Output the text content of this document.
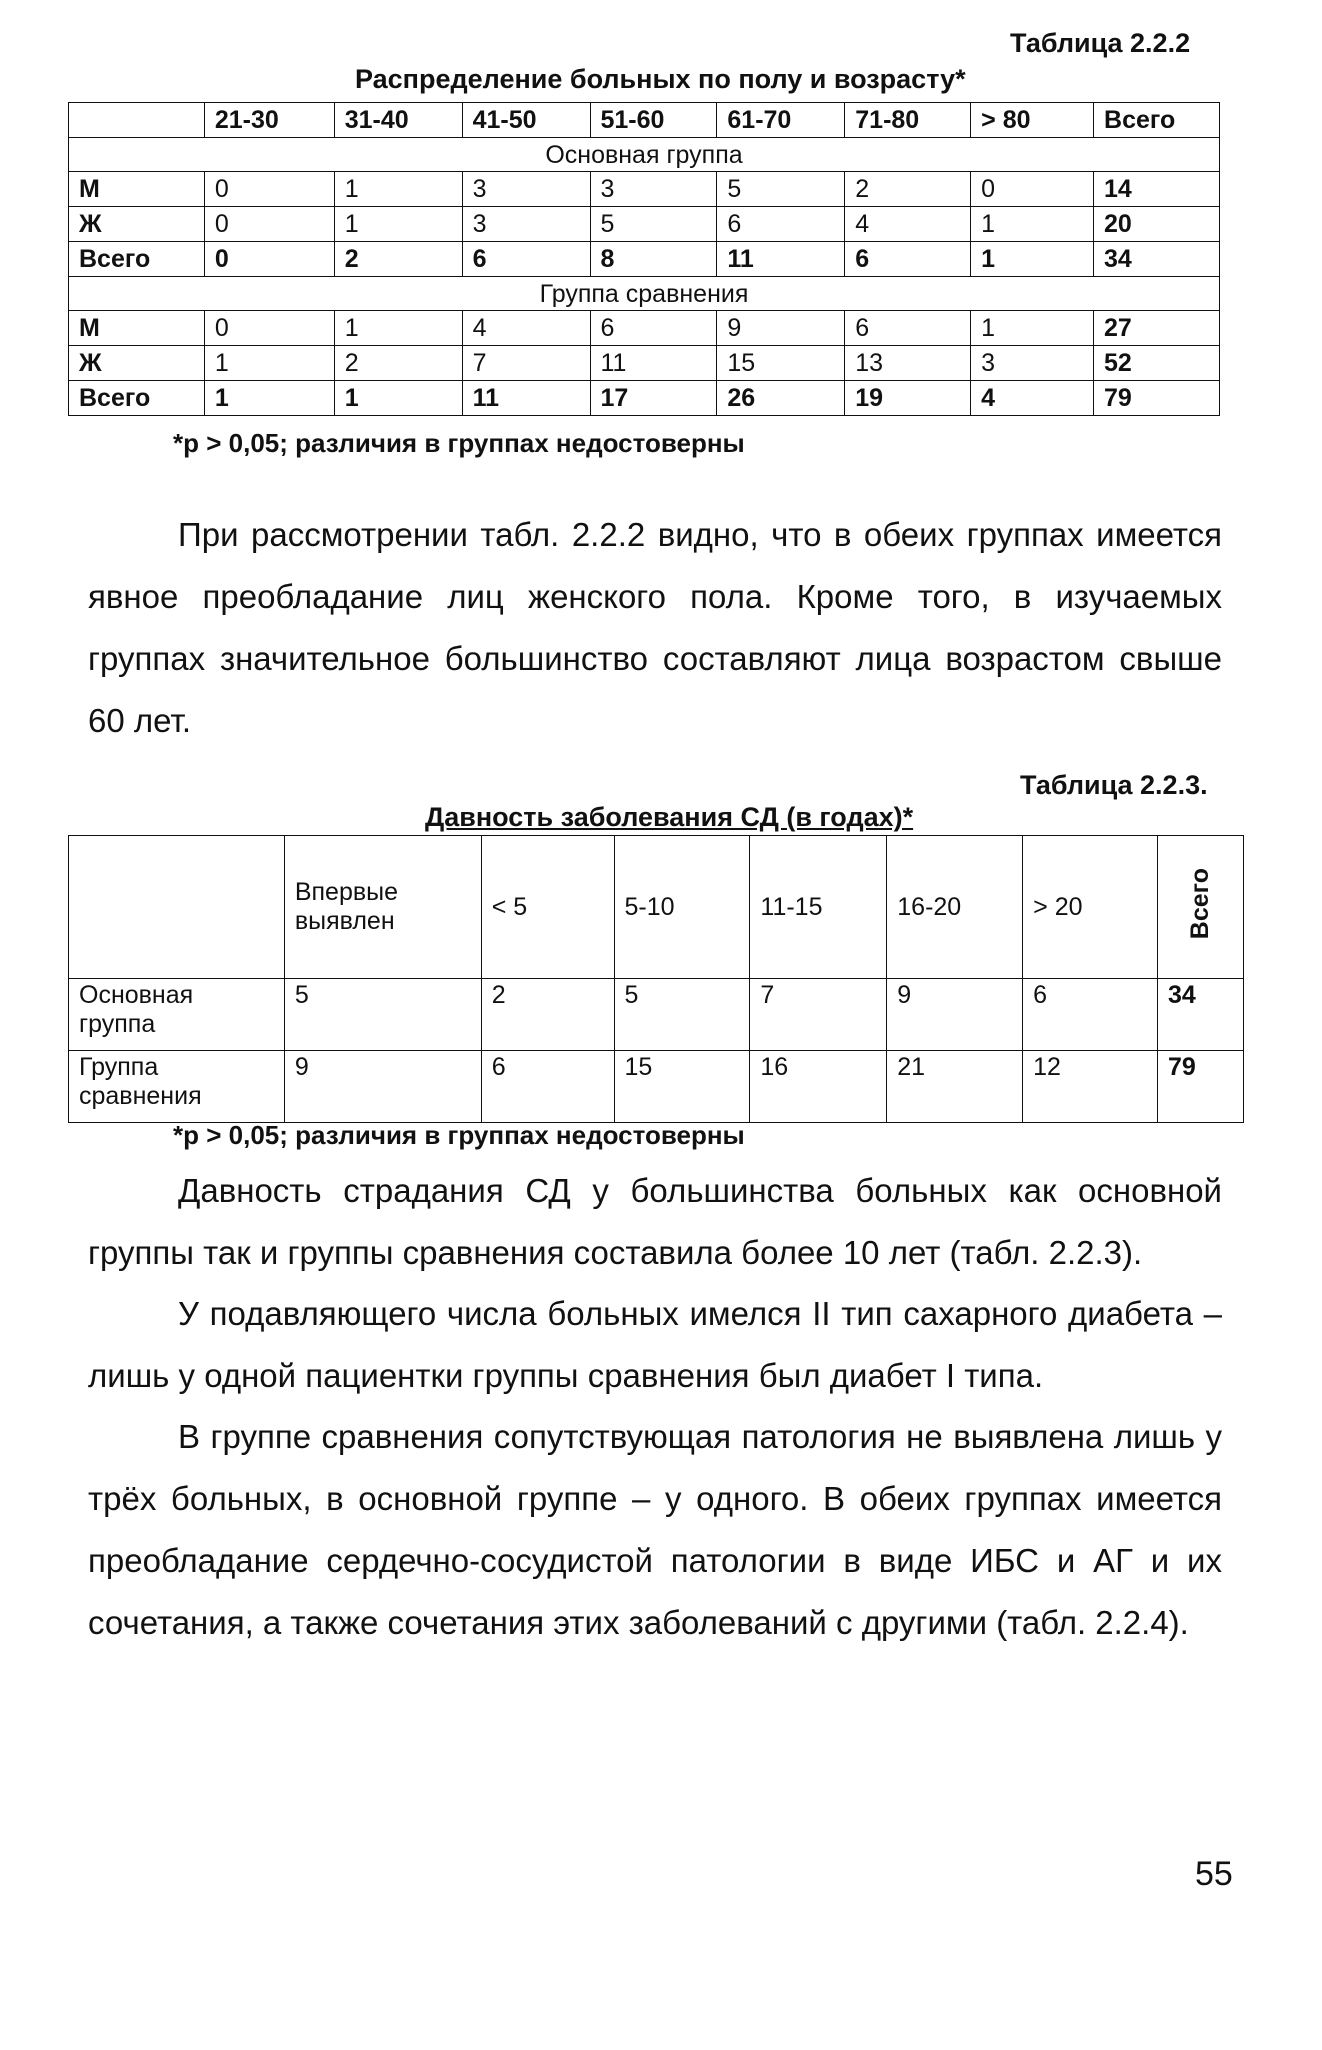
Таблица 2.2.2
Распределение больных по полу и возрасту*
	21-30	31-40	41-50	51-60	61-70	71-80	> 80	Всего
Основная группа								
М	0	1	3	3	5	2	0	14
Ж	0	1	3	5	6	4	1	20
Всего	0	2	6	8	11	6	1	34
Группа сравнения								
М	0	1	4	6	9	6	1	27
Ж	1	2	7	11	15	13	3	52
Всего	1	1	11	17	26	19	4	79
*p > 0,05; различия в группах недостоверны
При рассмотрении табл. 2.2.2 видно, что в обеих группах имеется явное преобладание лиц женского пола. Кроме того, в изучаемых группах значительное большинство составляют лица возрастом свыше 60 лет.
Таблица 2.2.3.
Давность заболевания СД (в годах)*
	Впервые выявлен	< 5	5-10	11-15	16-20	> 20	Всего
Основная группа	5	2	5	7	9	6	34
Группа сравнения	9	6	15	16	21	12	79
*p > 0,05; различия в группах недостоверны
Давность страдания СД у большинства больных как основной группы так и группы сравнения составила более 10 лет (табл. 2.2.3).
У подавляющего числа больных имелся II тип сахарного диабета – лишь у одной пациентки группы сравнения был диабет I типа.
В группе сравнения сопутствующая патология не выявлена лишь у трёх больных, в основной группе – у одного. В обеих группах имеется преобладание сердечно-сосудистой патологии в виде ИБС и АГ и их сочетания, а также сочетания этих заболеваний с другими (табл. 2.2.4).
55
